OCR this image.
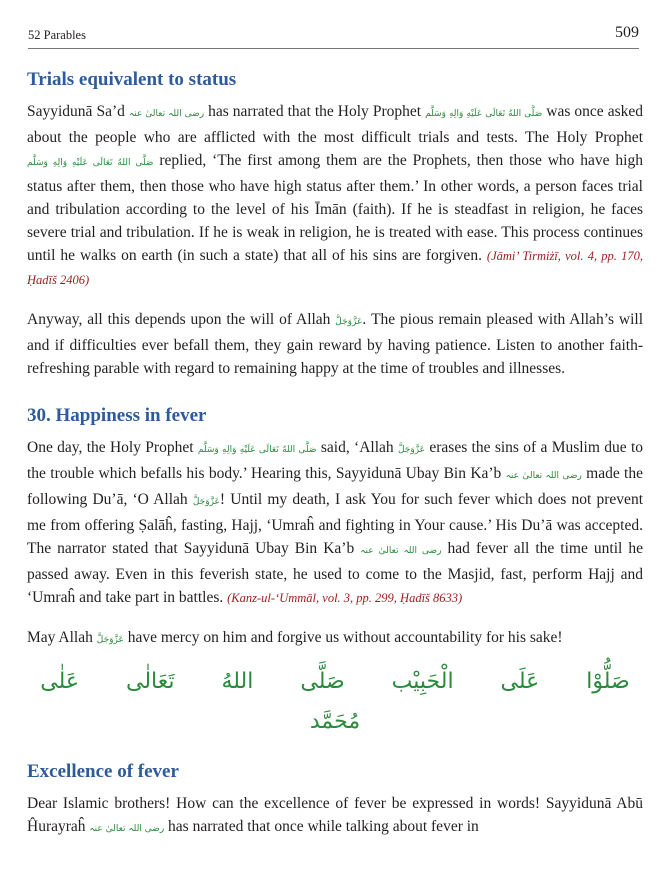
52 Parables	509
Trials equivalent to status

Sayyidunā Sa’d رضی اللہ تعالیٰ عنہ has narrated that the Holy Prophet صَلَّى اللهُ تَعَالَى عَلَيْهِ وَالِهِ وَسَلَّم was once asked about the people who are afflicted with the most difficult trials and tests. The Holy Prophet صَلَّى اللهُ تَعَالَى عَلَيْهِ وَالِهِ وَسَلَّم replied, ‘The first among them are the Prophets, then those who have high status after them, then those who have high status after them.’ In other words, a person faces trial and tribulation according to the level of his Īmān (faith). If he is steadfast in religion, he faces severe trial and tribulation. If he is weak in religion, he is treated with ease. This process continues until he walks on earth (in such a state) that all of his sins are forgiven. (Jāmi’ Tirmiżī, vol. 4, pp. 170, Ḥadīš 2406)

Anyway, all this depends upon the will of Allah عَزَّوَجَلَّ. The pious remain pleased with Allah’s will and if difficulties ever befall them, they gain reward by having patience. Listen to another faith-refreshing parable with regard to remaining happy at the time of troubles and illnesses.

30. Happiness in fever

One day, the Holy Prophet صَلَّى اللهُ تَعَالَى عَلَيْهِ وَالِهِ وَسَلَّم said, ‘Allah عَزَّوَجَلَّ erases the sins of a Muslim due to the trouble which befalls his body.’ Hearing this, Sayyidunā Ubay Bin Ka’b رضی اللہ تعالیٰ عنہ made the following Du’ā, ‘O Allah عَزَّوَجَلَّ! Until my death, I ask You for such fever which does not prevent me from offering Ṣalāĥ, fasting, Hajj, ‘Umraĥ and fighting in Your cause.’ His Du’ā was accepted. The narrator stated that Sayyidunā Ubay Bin Ka’b رضی اللہ تعالیٰ عنہ had fever all the time until he passed away. Even in this feverish state, he used to come to the Masjid, fast, perform Hajj and ‘Umraĥ and take part in battles. (Kanz-ul-‘Ummāl, vol. 3, pp. 299, Ḥadīš 8633)

May Allah عَزَّوَجَلَّ have mercy on him and forgive us without accountability for his sake!

صَلُّوْا عَلَى الْحَبِيْب صَلَّى اللهُ تَعَالٰى عَلٰى مُحَمَّد
Excellence of fever

Dear Islamic brothers! How can the excellence of fever be expressed in words! Sayyidunā Abū Ĥurayraĥ رضی اللہ تعالیٰ عنہ has narrated that once while talking about fever in
